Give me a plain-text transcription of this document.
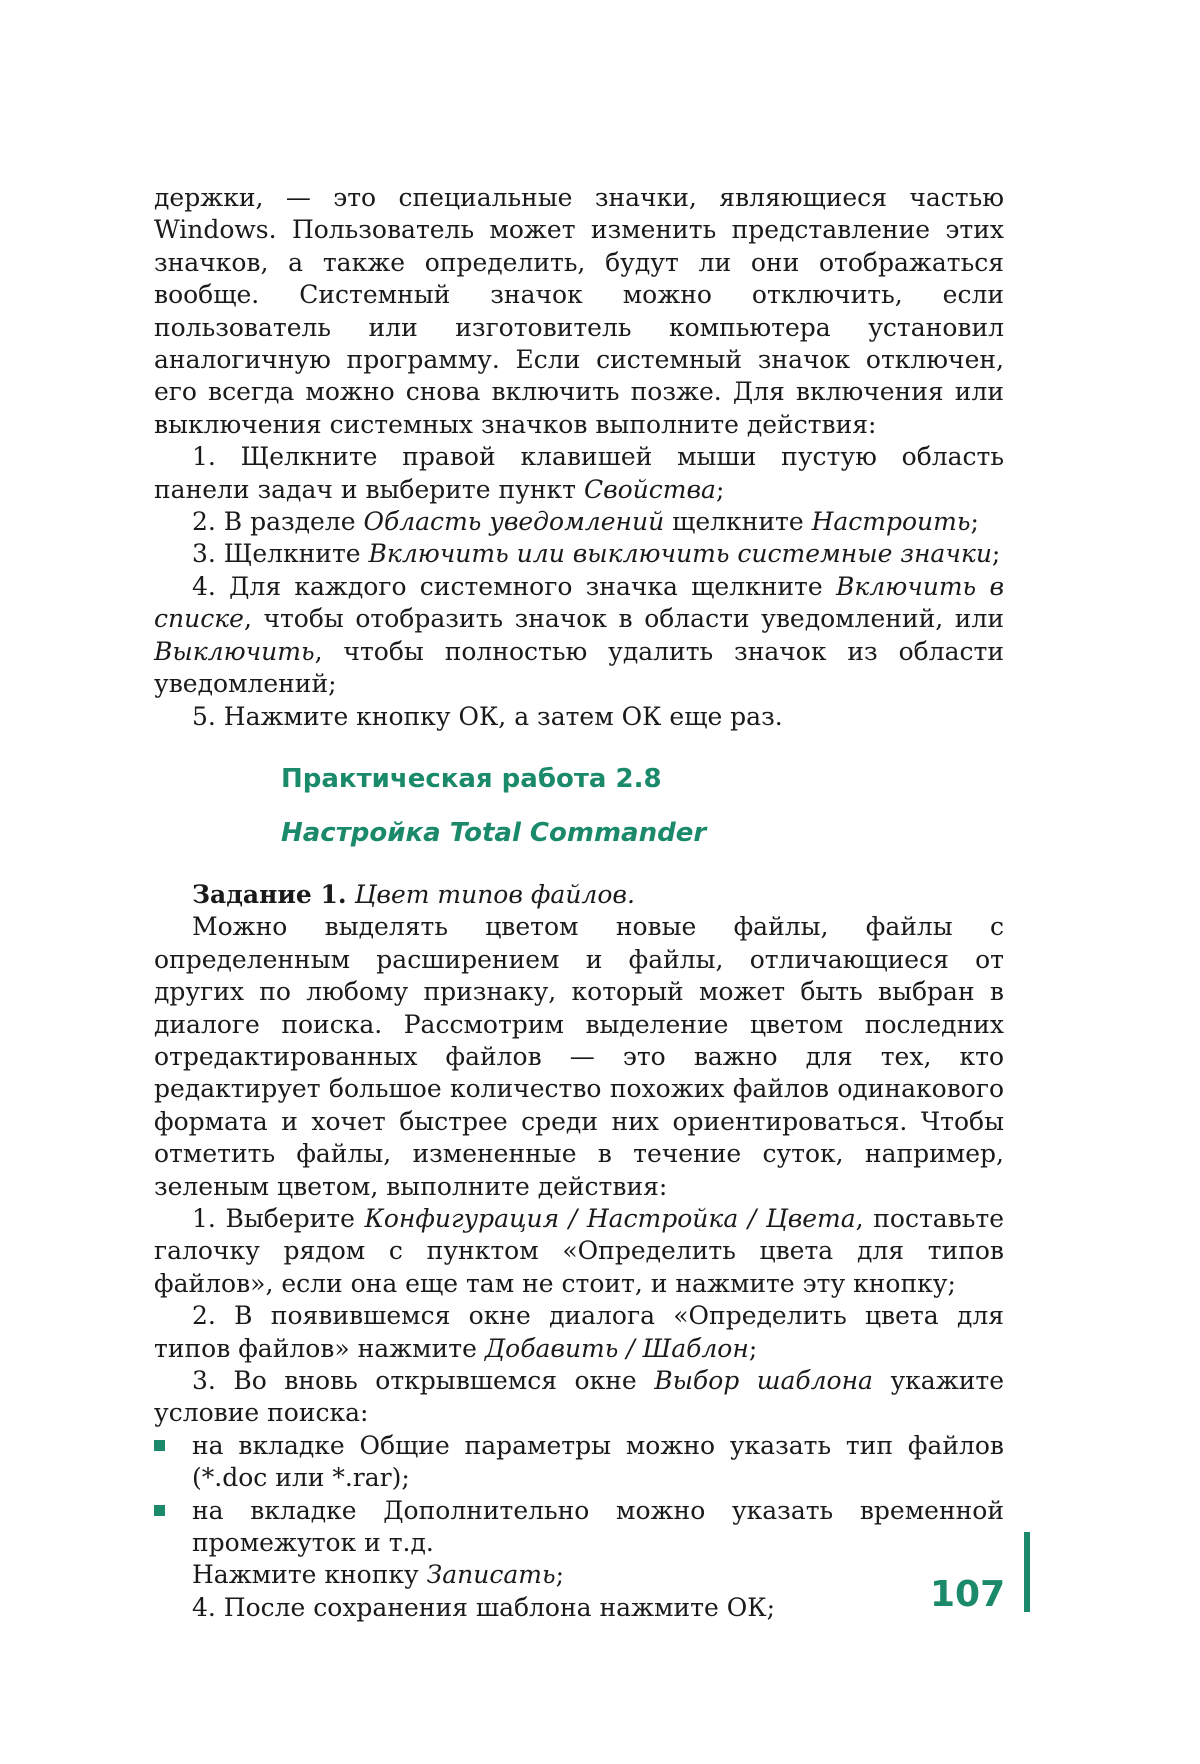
держки, — это специальные значки, являющиеся частью Windows. Пользователь может изменить представление этих значков, а также определить, будут ли они отображаться вообще. Системный значок можно отключить, если пользователь или изготовитель компьютера установил аналогичную программу. Если системный значок отключен, его всегда можно снова включить позже. Для включения или выключения системных значков выполните действия:

1. Щелкните правой клавишей мыши пустую область панели задач и выберите пункт Свойства;

2. В разделе Область уведомлений щелкните Настроить;

3. Щелкните Включить или выключить системные значки;

4. Для каждого системного значка щелкните Включить в списке, чтобы отобразить значок в области уведомлений, или Выключить, чтобы полностью удалить значок из области уведомлений;

5. Нажмите кнопку ОК, а затем ОК еще раз.

Практическая работа 2.8
Настройка Total Commander

Задание 1. Цвет типов файлов.

Можно выделять цветом новые файлы, файлы с определенным расширением и файлы, отличающиеся от других по любому признаку, который может быть выбран в диалоге поиска. Рассмотрим выделение цветом последних отредактированных файлов — это важно для тех, кто редактирует большое количество похожих файлов одинакового формата и хочет быстрее среди них ориентироваться. Чтобы отметить файлы, измененные в течение суток, например, зеленым цветом, выполните действия:

1. Выберите Конфигурация / Настройка / Цвета, поставьте галочку рядом с пунктом «Определить цвета для типов файлов», если она еще там не стоит, и нажмите эту кнопку;

2. В появившемся окне диалога «Определить цвета для типов файлов» нажмите Добавить / Шаблон;

3. Во вновь открывшемся окне Выбор шаблона укажите условие поиска:

на вкладке Общие параметры можно указать тип файлов (*.doc или *.rar);
на вкладке Дополнительно можно указать временной промежуток и т.д.

Нажмите кнопку Записать;

4. После сохранения шаблона нажмите ОК;	107
